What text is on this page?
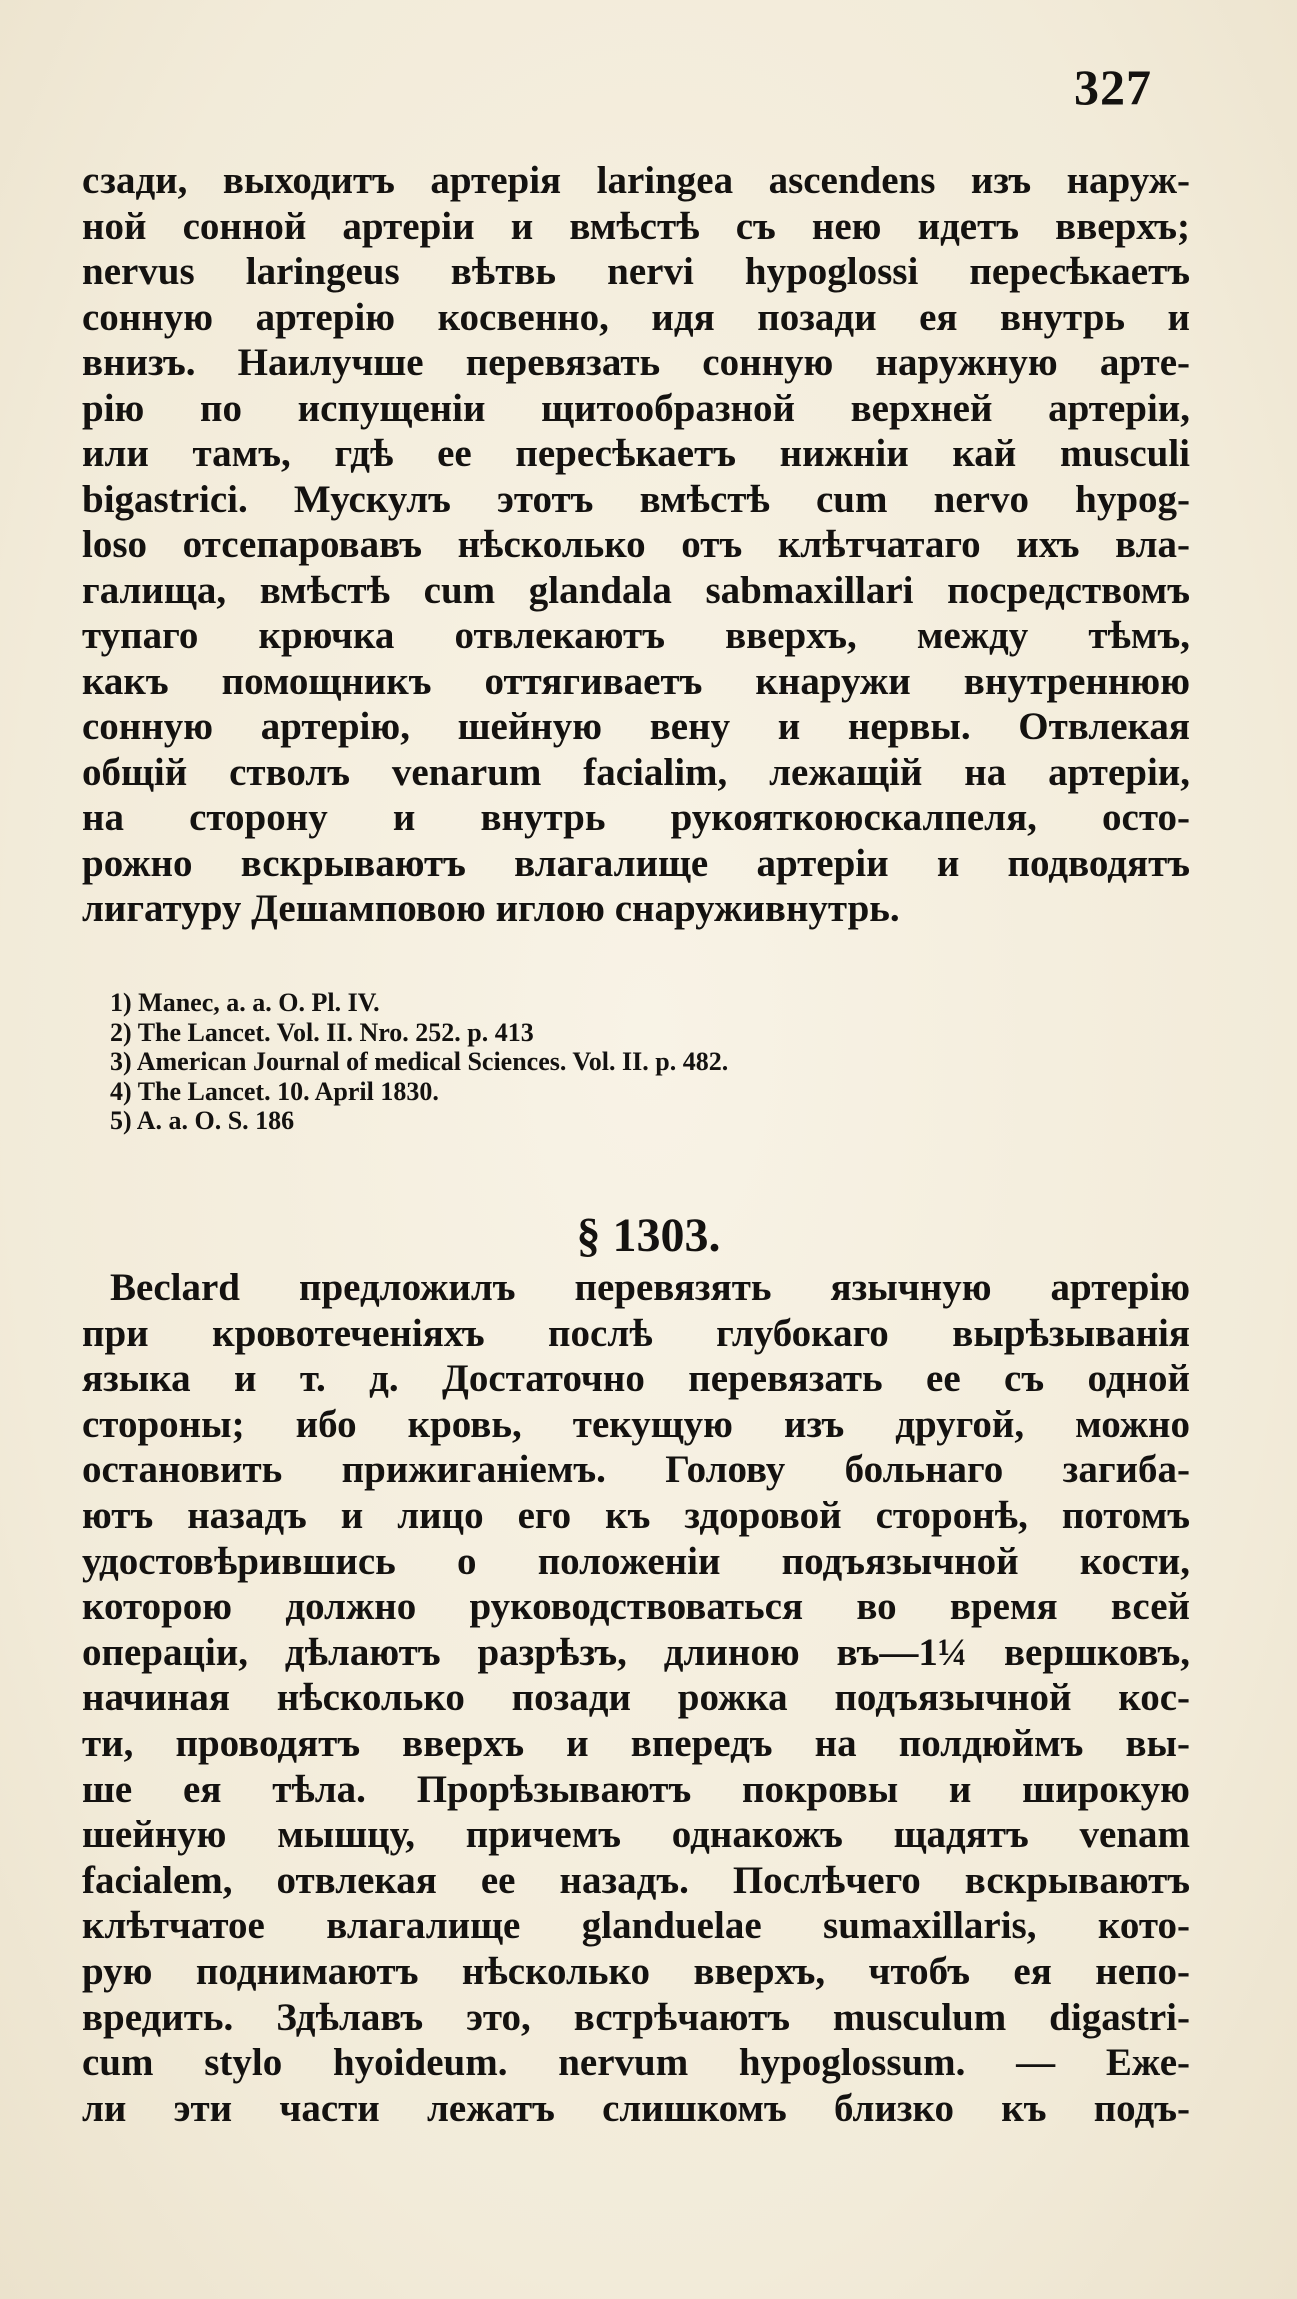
327
сзади, выходитъ артерія laringea ascendens изъ наруж-
ной сонной артеріи и вмѣстѣ съ нею идетъ вверхъ;
nervus laringeus вѣтвь nervi hypoglossi пересѣкаетъ
сонную артерію косвенно, идя позади ея внутрь и
внизъ. Наилучше перевязать сонную наружную арте-
рію по испущеніи щитообразной верхней артеріи,
или тамъ, гдѣ ее пересѣкаетъ нижніи кай musculi
bigastrici. Мускулъ этотъ вмѣстѣ cum nervo hypog-
loso отсепаровавъ нѣсколько отъ клѣтчатаго ихъ вла-
галища, вмѣстѣ cum glandala sabmaxillari посредствомъ
тупаго крючка отвлекаютъ вверхъ, между тѣмъ,
какъ помощникъ оттягиваетъ кнаружи внутреннюю
сонную артерію, шейную вену и нервы. Отвлекая
общій стволъ venarum facialim, лежащій на артеріи,
на сторону и внутрь рукояткоюскалпеля, осто-
рожно вскрываютъ влагалище артеріи и подводятъ
лигатуру Дешамповою иглою снаруживнутрь.
1) Manec, a. a. O. Pl. IV.
2) The Lancet. Vol. II. Nro. 252. p. 413
3) American Journal of medical Sciences. Vol. II. p. 482.
4) The Lancet. 10. April 1830.
5) A. a. O. S. 186
§ 1303.
Beclard предложилъ перевязять язычную артерію
при кровотеченіяхъ послѣ глубокаго вырѣзыванія
языка и т. д. Достаточно перевязать ее съ одной
стороны; ибо кровь, текущую изъ другой, можно
остановить прижиганіемъ. Голову больнаго загиба-
ютъ назадъ и лицо его къ здоровой сторонѣ, потомъ
удостовѣрившись о положеніи подъязычной кости,
которою должно руководствоваться во время всей
операціи, дѣлаютъ разрѣзъ, длиною въ—1¼ вершковъ,
начиная нѣсколько позади рожка подъязычной кос-
ти, проводятъ вверхъ и впередъ на полдюймъ вы-
ше ея тѣла. Прорѣзываютъ покровы и широкую
шейную мышцу, причемъ однакожъ щадятъ venam
facialem, отвлекая ее назадъ. Послѣчего вскрываютъ
клѣтчатое влагалище glanduelae sumaxillaris, кото-
рую поднимаютъ нѣсколько вверхъ, чтобъ ея непо-
вредить. Здѣлавъ это, встрѣчаютъ musculum digastri-
cum stylo hyoideum. nervum hypoglossum. — Еже-
ли эти части лежатъ слишкомъ близко къ подъ-
